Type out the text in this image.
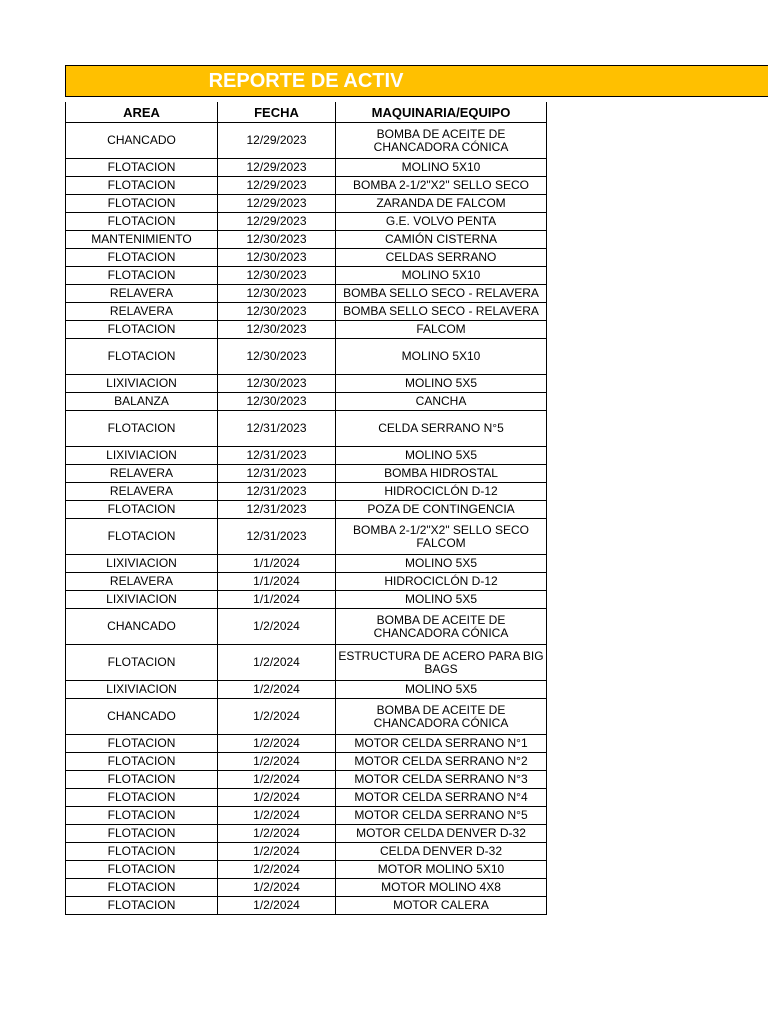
REPORTE DE ACTIV
AREA	FECHA	MAQUINARIA/EQUIPO
CHANCADO	12/29/2023	BOMBA DE ACEITE DE CHANCADORA CÓNICA
FLOTACION	12/29/2023	MOLINO 5X10
FLOTACION	12/29/2023	BOMBA 2-1/2"X2" SELLO SECO
FLOTACION	12/29/2023	ZARANDA DE FALCOM
FLOTACION	12/29/2023	G.E. VOLVO PENTA
MANTENIMIENTO	12/30/2023	CAMIÓN CISTERNA
FLOTACION	12/30/2023	CELDAS SERRANO
FLOTACION	12/30/2023	MOLINO 5X10
RELAVERA	12/30/2023	BOMBA SELLO SECO - RELAVERA
RELAVERA	12/30/2023	BOMBA SELLO SECO - RELAVERA
FLOTACION	12/30/2023	FALCOM
FLOTACION	12/30/2023	MOLINO 5X10
LIXIVIACION	12/30/2023	MOLINO 5X5
BALANZA	12/30/2023	CANCHA
FLOTACION	12/31/2023	CELDA SERRANO N°5
LIXIVIACION	12/31/2023	MOLINO 5X5
RELAVERA	12/31/2023	BOMBA HIDROSTAL
RELAVERA	12/31/2023	HIDROCICLÓN D-12
FLOTACION	12/31/2023	POZA DE CONTINGENCIA
FLOTACION	12/31/2023	BOMBA 2-1/2"X2" SELLO SECO FALCOM
LIXIVIACION	1/1/2024	MOLINO 5X5
RELAVERA	1/1/2024	HIDROCICLÓN D-12
LIXIVIACION	1/1/2024	MOLINO 5X5
CHANCADO	1/2/2024	BOMBA DE ACEITE DE CHANCADORA CÓNICA
FLOTACION	1/2/2024	ESTRUCTURA DE ACERO PARA BIG BAGS
LIXIVIACION	1/2/2024	MOLINO 5X5
CHANCADO	1/2/2024	BOMBA DE ACEITE DE CHANCADORA CÓNICA
FLOTACION	1/2/2024	MOTOR CELDA SERRANO N°1
FLOTACION	1/2/2024	MOTOR CELDA SERRANO N°2
FLOTACION	1/2/2024	MOTOR CELDA SERRANO N°3
FLOTACION	1/2/2024	MOTOR CELDA SERRANO N°4
FLOTACION	1/2/2024	MOTOR CELDA SERRANO N°5
FLOTACION	1/2/2024	MOTOR CELDA DENVER D-32
FLOTACION	1/2/2024	CELDA DENVER D-32
FLOTACION	1/2/2024	MOTOR MOLINO 5X10
FLOTACION	1/2/2024	MOTOR MOLINO 4X8
FLOTACION	1/2/2024	MOTOR CALERA
